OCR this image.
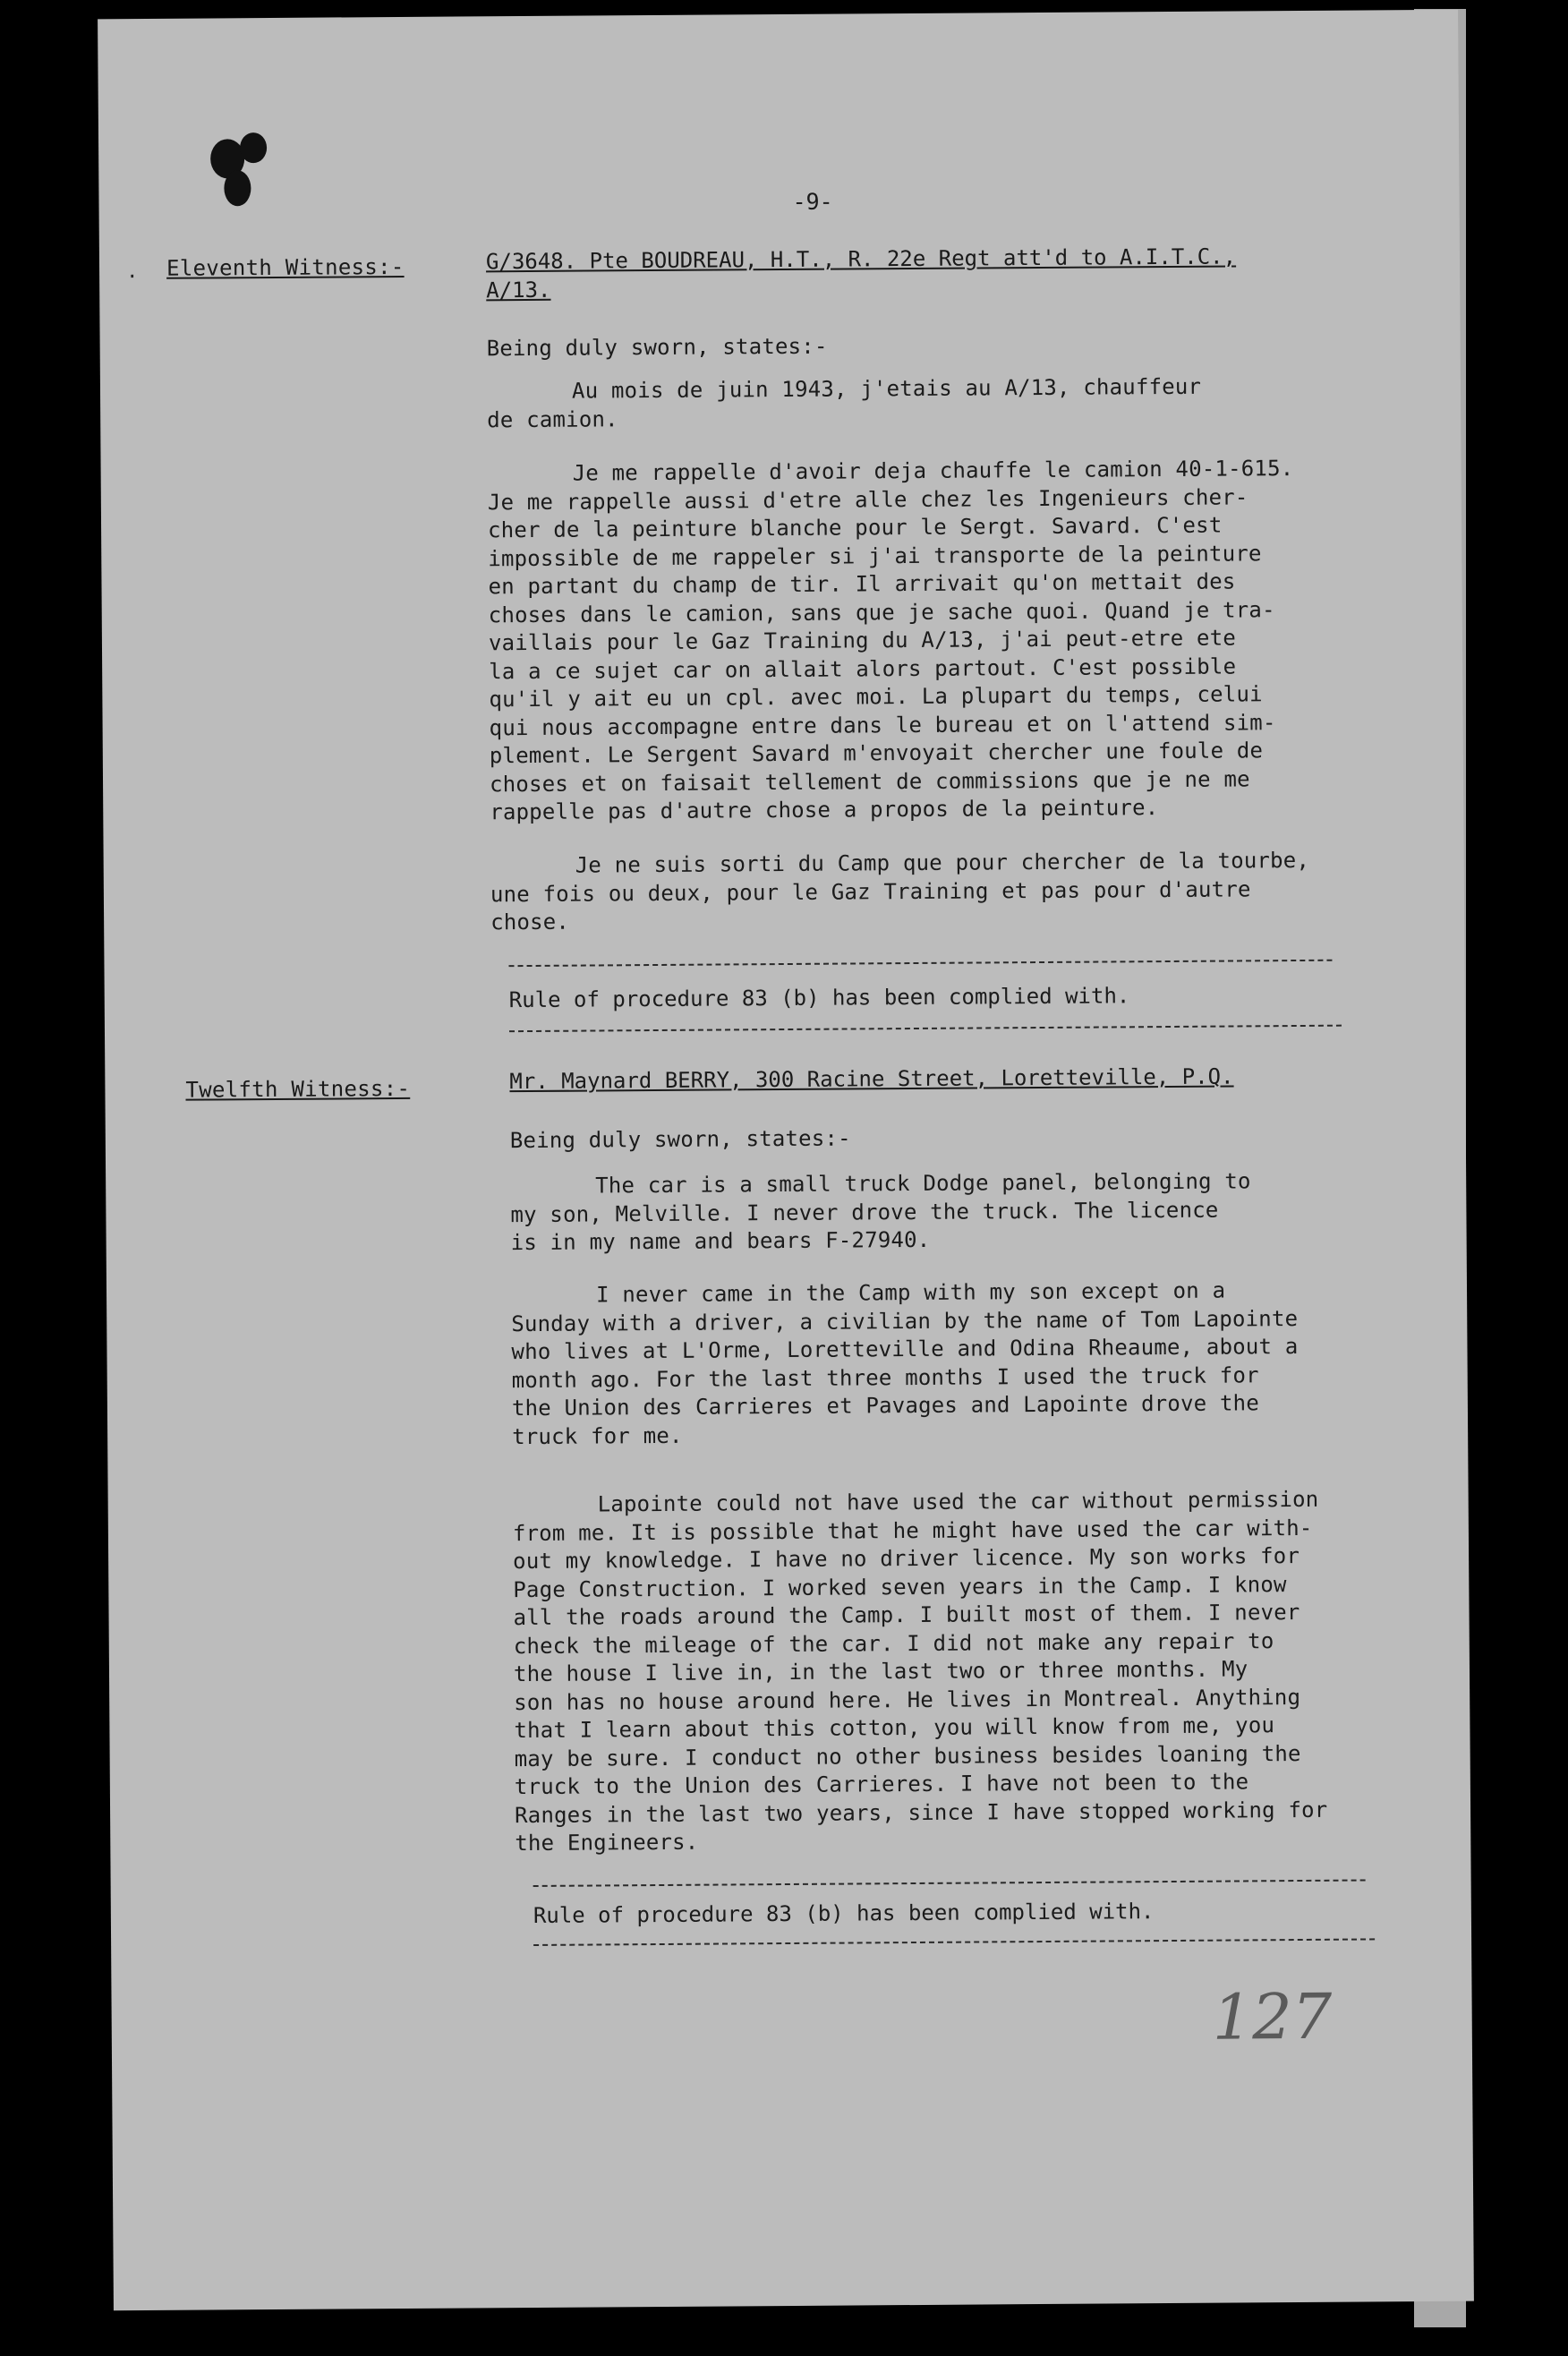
-9-
. Eleventh Witness:-	G/3648. Pte BOUDREAU, H.T., R. 22e Regt att'd to A.I.T.C.,
A/13.
Being duly sworn, states:-
Au mois de juin 1943, j'etais au A/13, chauffeur
de camion.
Je me rappelle d'avoir deja chauffe le camion 40-1-615.
Je me rappelle aussi d'etre alle chez les Ingenieurs cher-
cher de la peinture blanche pour le Sergt. Savard. C'est
impossible de me rappeler si j'ai transporte de la peinture
en partant du champ de tir. Il arrivait qu'on mettait des
choses dans le camion, sans que je sache quoi. Quand je tra-
vaillais pour le Gaz Training du A/13, j'ai peut-etre ete
la a ce sujet car on allait alors partout. C'est possible
qu'il y ait eu un cpl. avec moi. La plupart du temps, celui
qui nous accompagne entre dans le bureau et on l'attend sim-
plement. Le Sergent Savard m'envoyait chercher une foule de
choses et on faisait tellement de commissions que je ne me
rappelle pas d'autre chose a propos de la peinture.
Je ne suis sorti du Camp que pour chercher de la tourbe,
une fois ou deux, pour le Gaz Training et pas pour d'autre
chose.
Rule of procedure 83 (b) has been complied with.
Twelfth Witness:-	Mr. Maynard BERRY, 300 Racine Street, Loretteville, P.Q.
Being duly sworn, states:-
The car is a small truck Dodge panel, belonging to
my son, Melville. I never drove the truck. The licence
is in my name and bears F-27940.
I never came in the Camp with my son except on a
Sunday with a driver, a civilian by the name of Tom Lapointe
who lives at L'Orme, Loretteville and Odina Rheaume, about a
month ago. For the last three months I used the truck for
the Union des Carrieres et Pavages and Lapointe drove the
truck for me.
Lapointe could not have used the car without permission
from me. It is possible that he might have used the car with-
out my knowledge. I have no driver licence. My son works for
Page Construction. I worked seven years in the Camp. I know
all the roads around the Camp. I built most of them. I never
check the mileage of the car. I did not make any repair to
the house I live in, in the last two or three months. My
son has no house around here. He lives in Montreal. Anything
that I learn about this cotton, you will know from me, you
may be sure. I conduct no other business besides loaning the
truck to the Union des Carrieres. I have not been to the
Ranges in the last two years, since I have stopped working for
the Engineers.
Rule of procedure 83 (b) has been complied with.
127
